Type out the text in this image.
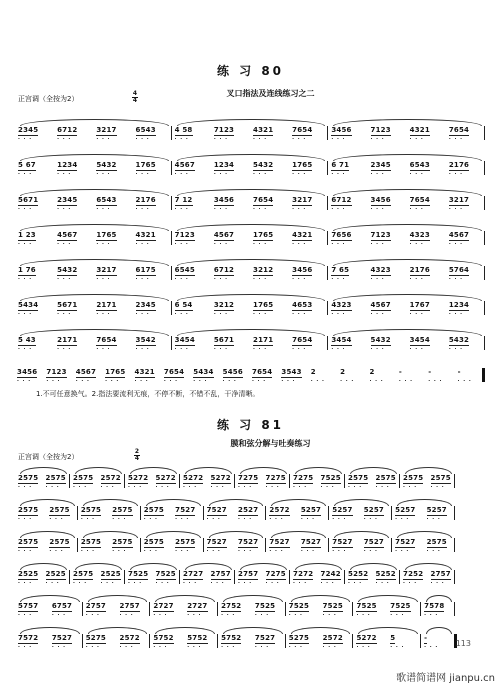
练 习 80
正宫调（全按为2）
4
4
叉口指法及连线练习之二
2345 . . .	6712 . . .	3217 . . .	6543 . . .	4 58 . . .	7123 . . .	4321 . . .	7654 . . .	3456 . . .	7123 . . .	4321 . . .	7654 . . .
5 67 . . .	1234 . . .	5432 . . .	1765 . . .	4567 . . .	1234 . . .	5432 . . .	1765 . . .	6 71 . . .	2345 . . .	6543 . . .	2176 . . .
5671 . . .	2345 . . .	6543 . . .	2176 . . .	7 12 . . .	3456 . . .	7654 . . .	3217 . . .	6712 . . .	3456 . . .	7654 . . .	3217 . . .
1 23 . . .	4567 . . .	1765 . . .	4321 . . .	7123 . . .	4567 . . .	1765 . . .	4321 . . .	7656 . . .	7123 . . .	4323 . . .	4567 . . .
1 76 . . .	5432 . . .	3217 . . .	6175 . . .	6545 . . .	6712 . . .	3212 . . .	3456 . . .	7 65 . . .	4323 . . .	2176 . . .	5764 . . .
5434 . . .	5671 . . .	2171 . . .	2345 . . .	6 54 . . .	3212 . . .	1765 . . .	4653 . . .	4323 . . .	4567 . . .	1767 . . .	1234 . . .
5 43 . . .	2171 . . .	7654 . . .	3542 . . .	3454 . . .	5671 . . .	2171 . . .	7654 . . .	3454 . . .	5432 . . .	3454 . . .	5432 . . .
3456 . . . 7123 . . . 4567 . . . 1765 . . . 4321 . . . 7654 . . . 5434 . . . 5456 . . . 7654 . . . 3543 . . . 2 . . .	2 . . .	2 . . .	- . . .	- . . .	- . . .
1.不可任意换气。2.指法要流利无痕，不停不断，不错不乱，干净清晰。
练 习 81
膜和弦分解与吐奏练习
正宫调（全按为2）
2
4
2575 . . . 2575 . . . 2575 . . . 2572 . . . 5272 . . . 5272 . . . 5272 . . . 5272 . . . 7275 . . . 7275 . . . 7275 . . . 7525 . . . 2575 . . . 2575 . . . 2575 . . . 2575 . . .
2575 . . . 2575 . . . 2575 . . . 2575 . . . 2575 . . . 7527 . . . 7527 . . . 2527 . . . 2572 . . . 5257 . . . 5257 . . . 5257 . . . 5257 . . . 5257 . . .
2575 . . . 2575 . . . 2575 . . . 2575 . . . 2575 . . . 2575 . . . 7527 . . . 7527 . . . 7527 . . . 7527 . . . 7527 . . . 7527 . . . 7527 . . . 2575 . . .
2525 . . . 2525 . . . 2575 . . . 2525 . . . 7525 . . . 7525 . . . 2727 . . . 2757 . . . 2757 . . . 7275 . . . 7272 . . . 7242 . . . 5252 . . . 5252 . . . 7252 . . . 2757 . . .
5757 . . . 6757 . . . 2757 . . . 2757 . . . 2727 . . . 2727 . . . 2752 . . . 7525 . . . 7525 . . . 7525 . . . 7525 . . . 7525 . . . 7578 . . .
7572 . . . 7527 . . . 5275 . . . 2572 . . . 5752 . . . 5752 . . . 5752 . . . 7527 . . . 5275 . . . 2572 . . . 5272 . . . 5 . . .	- . . .
113
歌谱简谱网 jianpu.cn
